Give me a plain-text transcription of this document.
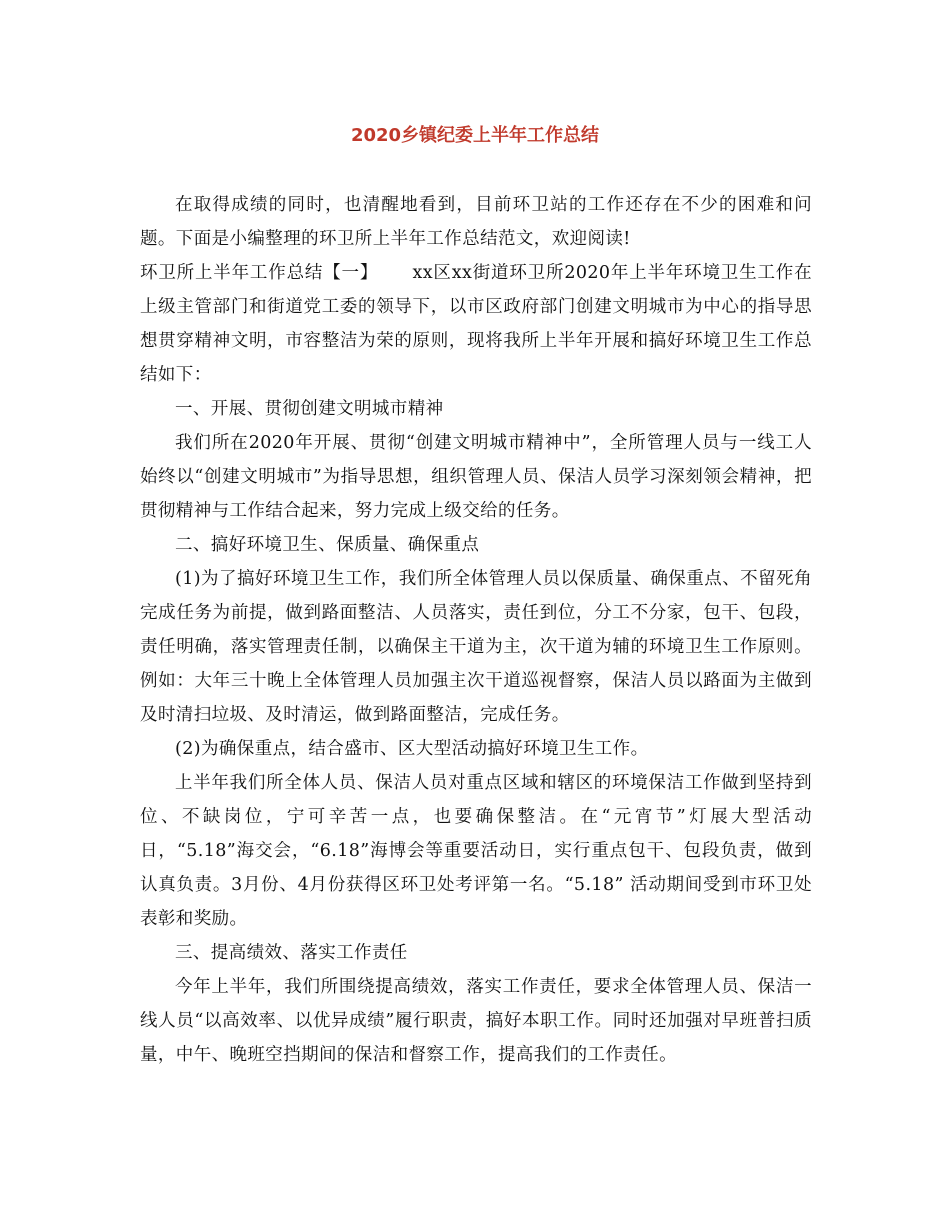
2020乡镇纪委上半年工作总结

在取得成绩的同时，也清醒地看到，目前环卫站的工作还存在不少的困难和问题。下面是小编整理的环卫所上半年工作总结范文，欢迎阅读!

环卫所上半年工作总结【一】　　 xx区xx街道环卫所2020年上半年环境卫生工作在上级主管部门和街道党工委的领导下，以市区政府部门创建文明城市为中心的指导思想贯穿精神文明，市容整洁为荣的原则，现将我所上半年开展和搞好环境卫生工作总结如下：

一、开展、贯彻创建文明城市精神

我们所在2020年开展、贯彻“创建文明城市精神中”，全所管理人员与一线工人始终以“创建文明城市”为指导思想，组织管理人员、保洁人员学习深刻领会精神，把贯彻精神与工作结合起来，努力完成上级交给的任务。

二、搞好环境卫生、保质量、确保重点

(1)为了搞好环境卫生工作，我们所全体管理人员以保质量、确保重点、不留死角完成任务为前提，做到路面整洁、人员落实，责任到位，分工不分家，包干、包段，责任明确，落实管理责任制，以确保主干道为主，次干道为辅的环境卫生工作原则。例如：大年三十晚上全体管理人员加强主次干道巡视督察，保洁人员以路面为主做到及时清扫垃圾、及时清运，做到路面整洁，完成任务。

(2)为确保重点，结合盛市、区大型活动搞好环境卫生工作。

上半年我们所全体人员、保洁人员对重点区域和辖区的环境保洁工作做到坚持到位、不缺岗位，宁可辛苦一点，也要确保整洁。在“元宵节”灯展大型活动日，“5.18”海交会，“6.18”海博会等重要活动日，实行重点包干、包段负责，做到认真负责。3月份、4月份获得区环卫处考评第一名。“5.18” 活动期间受到市环卫处表彰和奖励。

三、提高绩效、落实工作责任

今年上半年，我们所围绕提高绩效，落实工作责任，要求全体管理人员、保洁一线人员“以高效率、以优异成绩”履行职责，搞好本职工作。同时还加强对早班普扫质量，中午、晚班空挡期间的保洁和督察工作，提高我们的工作责任。
